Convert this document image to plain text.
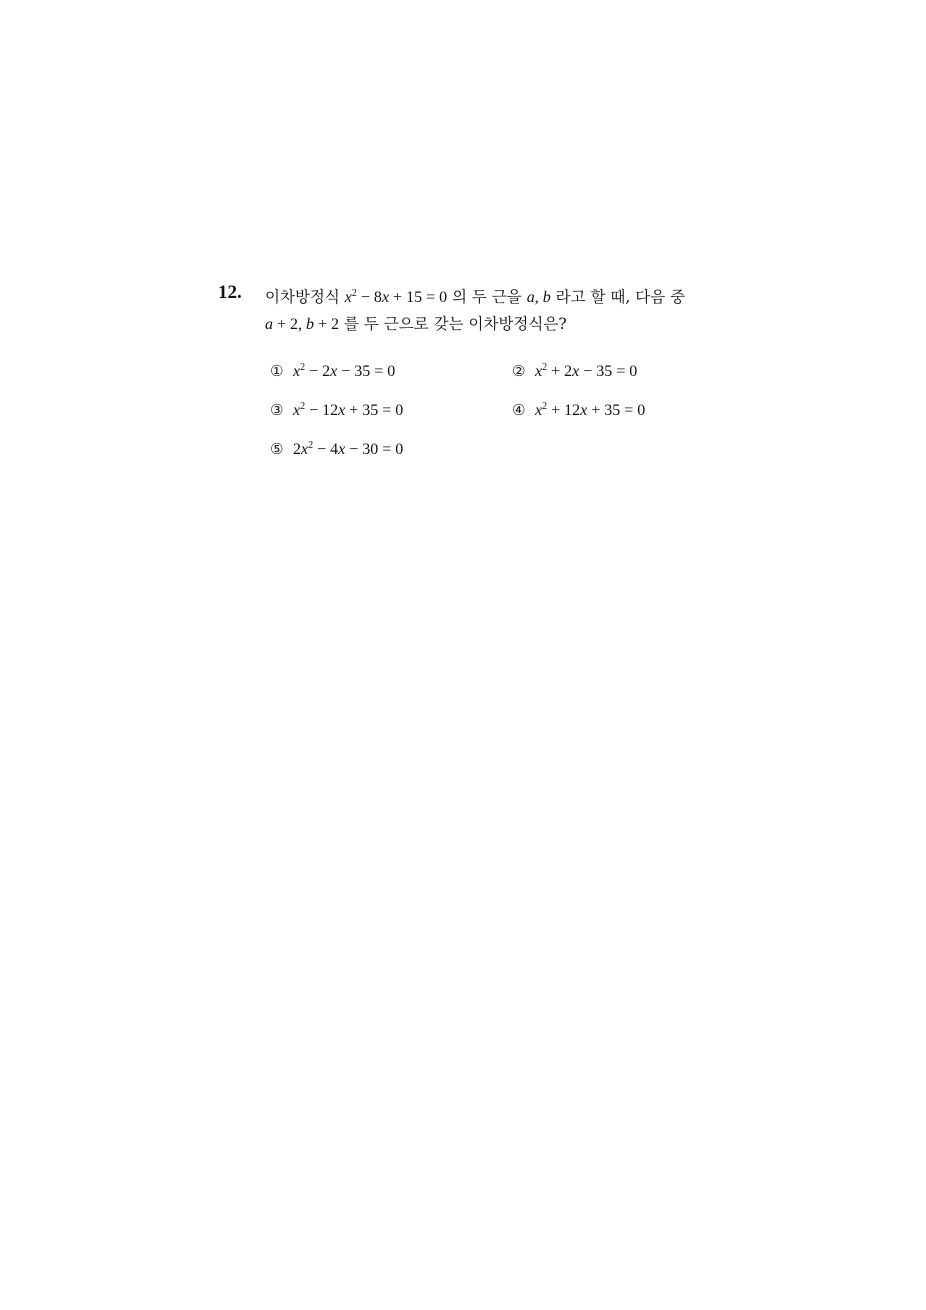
12. 이차방정식 $x^2 - 8x + 15 = 0$ 의 두 근을 a, b 라고 할 때, 다음 중
a + 2, b + 2 를 두 근으로 갖는 이차방정식은?
① $x^2 - 2x - 35 = 0$	② $x^2 + 2x - 35 = 0$
③ $x^2 - 12x + 35 = 0$	④ $x^2 + 12x + 35 = 0$
⑤ $2x^2 - 4x - 30 = 0$
